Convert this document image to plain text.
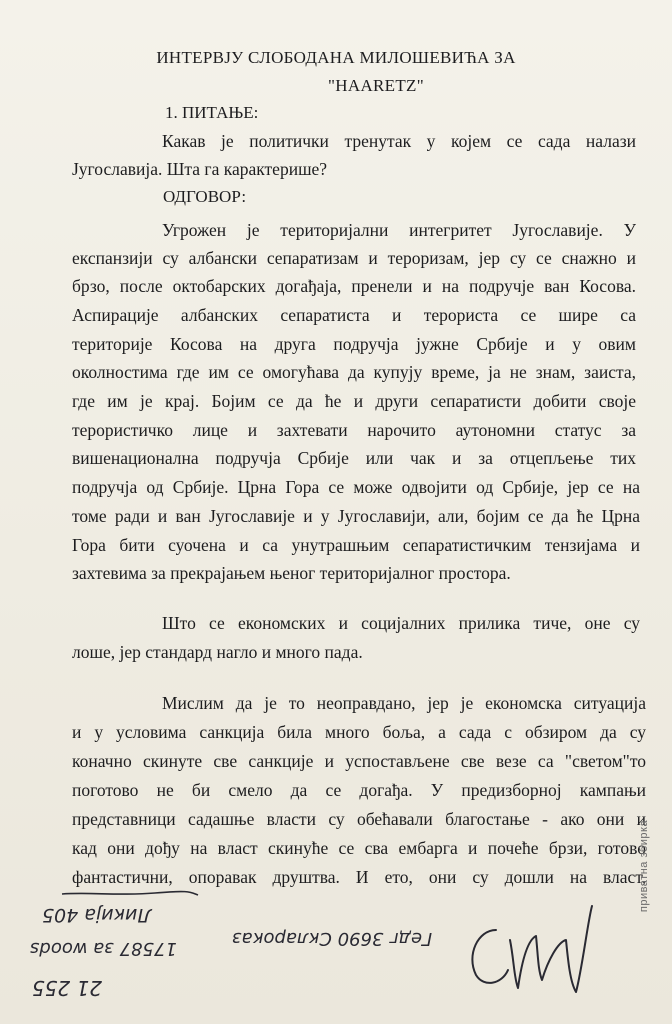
ИНТЕРВЈУ СЛОБОДАНА МИЛОШЕВИЋА ЗА
"HAARETZ"
1. ПИТАЊЕ:
Какав је политички тренутак у којем се сада налази
Југославија. Шта га карактерише?
ОДГОВОР:
Угрожен је територијални интегритет Југославије. У
експанзији су албански сепаратизам и тероризам, јер су се снажно и
брзо, после октобарских догађаја, пренели и на подручје ван Косова.
Аспирације албанских сепаратиста и терориста се шире са
територије Косова на друга подручја јужне Србије и у овим
околностима где им се омогућава да купују време, ја не знам, заиста,
где им је крај. Бојим се да ће и други сепаратисти добити своје
терористичко лице и захтевати нарочито аутономни статус за
вишенационална подручја Србије или чак и за отцепљење тих
подручја од Србије. Црна Гора се може одвојити од Србије, јер се на
томе ради и ван Југославије и у Југославији, али, бојим се да ће Црна
Гора бити суочена и са унутрашњим сепаратистичким тензијама и
захтевима за прекрајањем њеног територијалног простора.
Што се економских и социјалних прилика тиче, оне су
лоше, јер стандард нагло и много пада.
Мислим да је то неоправдано, јер је економска ситуација
и у условима санкција била много боља, а сада с обзиром да су
коначно скинуте све санкције и успостављене све везе са "светом"то
поготово не би смело да се догађа. У предизборној кампањи
представници садашње власти су обећавали благостање - ако они и
кад они дођу на власт скинуће се сва ембарга и почеће брзи, готово
фантастични, опоравак друштва. И ето, они су дошли на власт,
приватна збирка
Ликија 405
17587 за woods	Гедг 3690 Склароказ
21 255
